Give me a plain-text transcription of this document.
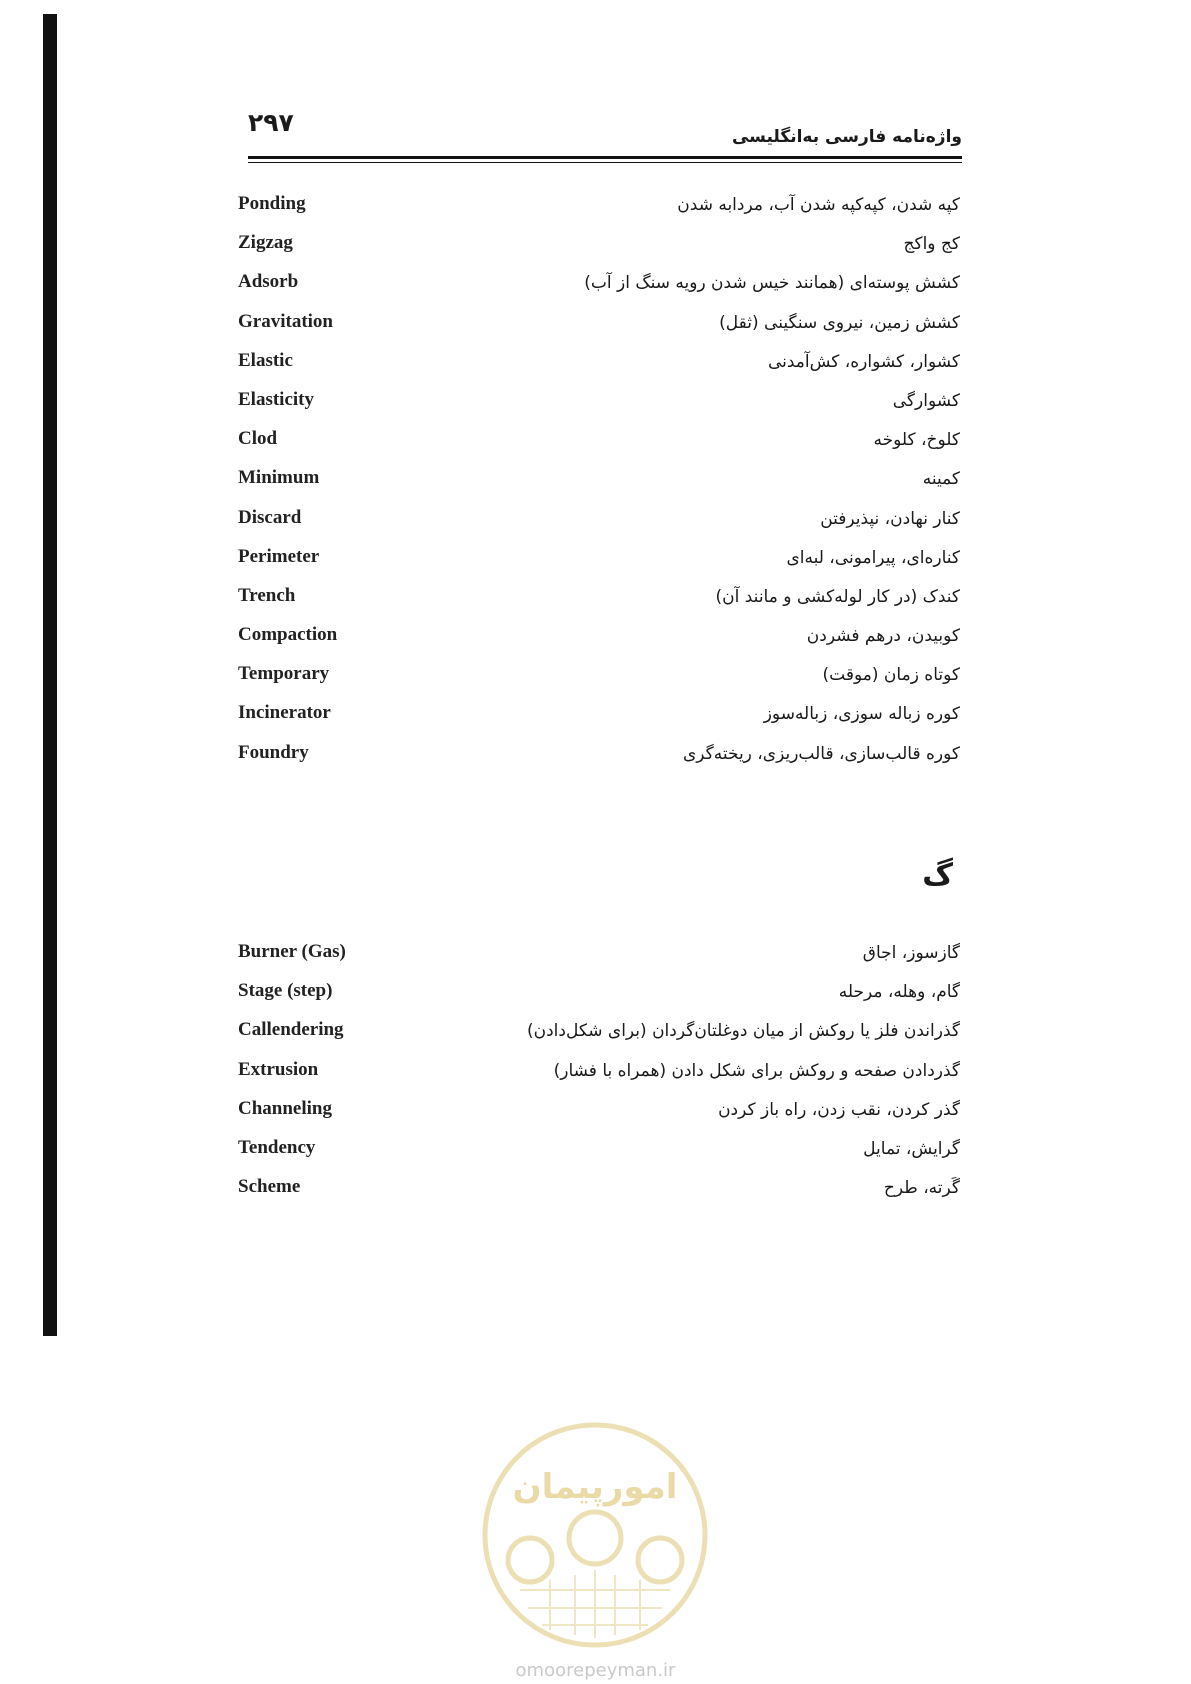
۲۹۷	واژه‌نامه فارسی به‌انگلیسی
Ponding	کپه شدن، کپه‌کپه شدن آب، مردابه شدن
Zigzag	کج واکج
Adsorb	کشش پوسته‌ای (همانند خیس شدن رویه سنگ از آب)
Gravitation	کشش زمین، نیروی سنگینی (ثقل)
Elastic	کشوار، کشواره، کش‌آمدنی
Elasticity	کشوارگی
Clod	کلوخ، کلوخه
Minimum	کمینه
Discard	کنار نهادن، نپذیرفتن
Perimeter	کناره‌ای، پیرامونی، لبه‌ای
Trench	کندک (در کار لوله‌کشی و مانند آن)
Compaction	کوبیدن، درهم فشردن
Temporary	کوتاه زمان (موقت)
Incinerator	کوره زباله سوزی، زباله‌سوز
Foundry	کوره قالب‌سازی، قالب‌ریزی، ریخته‌گری
گ
Burner (Gas)	گازسوز، اجاق
Stage (step)	گام، وهله، مرحله
Callendering	گذراندن فلز یا روکش از میان دوغلتان‌گردان (برای شکل‌دادن)
Extrusion	گذردادن صفحه و روکش برای شکل دادن (همراه با فشار)
Channeling	گذر کردن، نقب زدن، راه باز کردن
Tendency	گرایش، تمایل
Scheme	گَرته، طرح
امورپیمان
omoorepeyman.ir
